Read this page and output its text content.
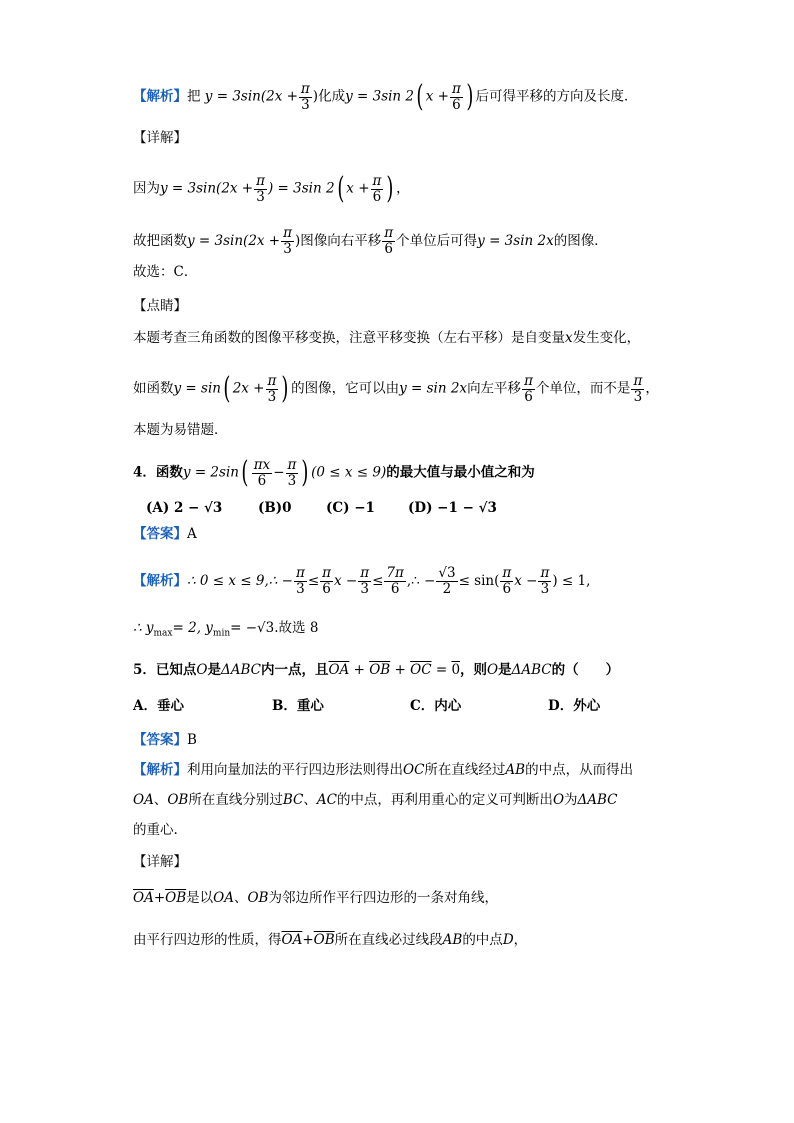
【解析】把 $y = 3\sin(2x + \frac{\pi}{3}$ )化成y = 3sin 2( $x + \frac{\pi}{6}$ ) 后可得平移的方向及长度．
【详解】
因为$y = 3\sin(2x + \frac{\pi}{3}$ ) = 3sin 2( $x + \frac{\pi}{6}$ ) ，
故把函数$y = 3\sin(2x + \frac{\pi}{3}$ )图像向右平移 $\frac{\pi}{6}$ 个单位后可得y = 3sin 2x的图像．
故选：C．
【点睛】
本题考查三角函数的图像平移变换，注意平移变换（左右平移）是自变量x发生变化，
如函数y = sin( $2x + \frac{\pi}{3}$ ) 的图像，它可以由y = sin 2x向左平移 $\frac{\pi}{6}$ 个单位，而不是 $\frac{\pi}{3}$ ，
本题为易错题．
4．函数$y = 2\sin( \frac{\pi x}{6} - \frac{\pi}{3}$ ) (0 ≤ x ≤ 9)的最大值与最小值之和为
(A) 2 − √3	(B)0	(C) −1 (D) −1 − √3
【答案】A
【解析】∴ 0 ≤ x ≤ 9,∴ − $\frac{\pi}{3} \le \frac{\pi}{6}$ $x - \frac{\pi}{3} \le \frac{7\pi}{6}$ ,∴ − $\frac{√3}{2} \le \sin( \frac{\pi}{6}$ $x - \frac{\pi}{3}$ ) ≤ 1,
∴ $y_{max}= 2$, $y_{min}= -√3$.故选 8
5．已知点O是ΔABC内一点，且$\overline{OA} + \overline{OB} + \overline{OC} = 0$，则O是ΔABC的（　　）
A．垂心	B．重心	C．内心	D．外心
【答案】B
【解析】利用向量加法的平行四边形法则得出OC所在直线经过AB的中点，从而得出
OA、OB所在直线分别过BC、AC的中点，再利用重心的定义可判断出O为ΔABC
的重心.
【详解】
$\overline{OA}+\overline{OB}$是以OA、OB为邻边所作平行四边形的一条对角线，
由平行四边形的性质，得$\overline{OA}+\overline{OB}$所在直线必过线段AB的中点D，
